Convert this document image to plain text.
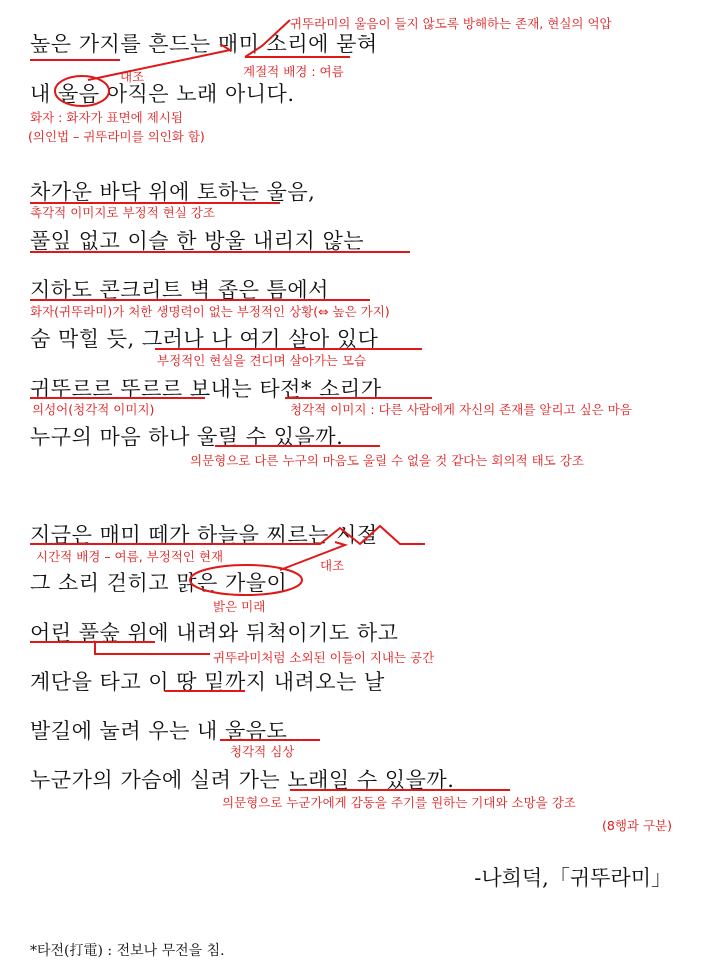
높은 가지를 흔드는 매미 소리에 묻혀
내 울음 아직은 노래 아니다.
차가운 바닥 위에 토하는 울음,
풀잎 없고 이슬 한 방울 내리지 않는
지하도 콘크리트 벽 좁은 틈에서
숨 막힐 듯, 그러나 나 여기 살아 있다
귀뚜르르 뚜르르 보내는 타전* 소리가
누구의 마음 하나 울릴 수 있을까.
지금은 매미 떼가 하늘을 찌르는 시절
그 소리 걷히고 맑은 가을이
어린 풀숲 위에 내려와 뒤척이기도 하고
계단을 타고 이 땅 밑까지 내려오는 날
발길에 눌려 우는 내 울음도
누군가의 가슴에 실려 가는 노래일 수 있을까.
귀뚜라미의 울음이 들지 않도록 방해하는 존재, 현실의 억압
대조	계절적 배경 : 여름
화자 : 화자가 표면에 제시됨
(의인법 – 귀뚜라미를 의인화 함)
촉각적 이미지로 부정적 현실 강조
화자(귀뚜라미)가 처한 생명력이 없는 부정적인 상황(⇔ 높은 가지)
부정적인 현실을 견디며 살아가는 모습
의성어(청각적 이미지)	청각적 이미지 : 다른 사람에게 자신의 존재를 알리고 싶은 마음
의문형으로 다른 누구의 마음도 울릴 수 없을 것 같다는 회의적 태도 강조
시간적 배경 – 여름, 부정적인 현재
대조
밝은 미래
귀뚜라미처럼 소외된 이들이 지내는 공간
청각적 심상
의문형으로 누군가에게 감동을 주기를 원하는 기대와 소망을 강조
(8행과 구분)
-나희덕,「귀뚜라미」
*타전(打電) : 전보나 무전을 침.
